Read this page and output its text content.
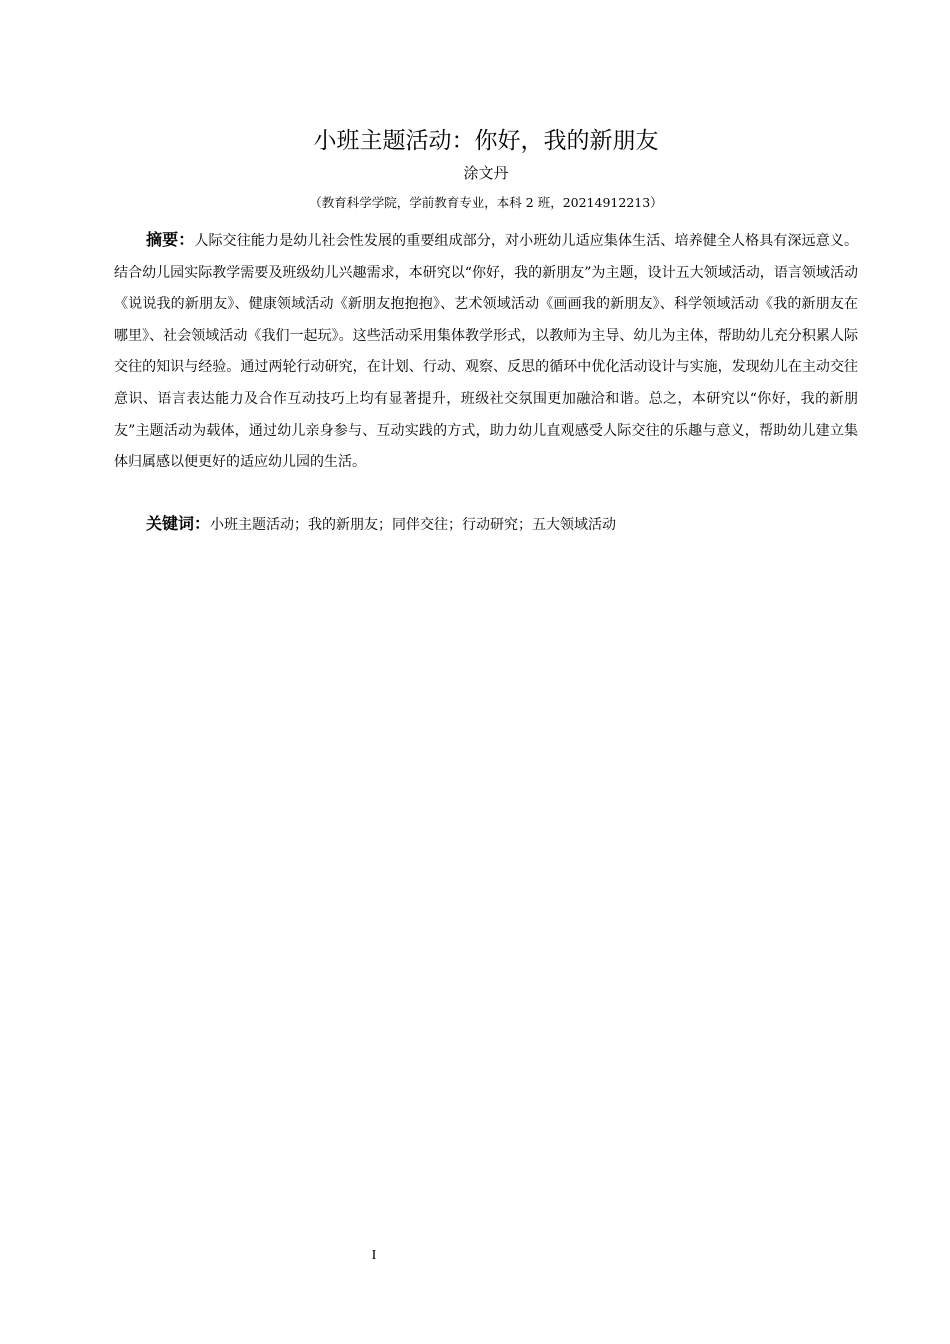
小班主题活动：你好，我的新朋友
涂文丹
（教育科学学院，学前教育专业，本科 2 班，20214912213）

摘要：人际交往能力是幼儿社会性发展的重要组成部分，对小班幼儿适应集体生活、培养健全人格具有深远意义。结合幼儿园实际教学需要及班级幼儿兴趣需求，本研究以“你好，我的新朋友”为主题，设计五大领域活动，语言领域活动《说说我的新朋友》、健康领域活动《新朋友抱抱抱》、艺术领域活动《画画我的新朋友》、科学领域活动《我的新朋友在哪里》、社会领域活动《我们一起玩》。这些活动采用集体教学形式，以教师为主导、幼儿为主体，帮助幼儿充分积累人际交往的知识与经验。通过两轮行动研究，在计划、行动、观察、反思的循环中优化活动设计与实施，发现幼儿在主动交往意识、语言表达能力及合作互动技巧上均有显著提升，班级社交氛围更加融洽和谐。总之，本研究以“你好，我的新朋友”主题活动为载体，通过幼儿亲身参与、互动实践的方式，助力幼儿直观感受人际交往的乐趣与意义，帮助幼儿建立集体归属感以便更好的适应幼儿园的生活。

关键词：小班主题活动；我的新朋友；同伴交往；行动研究；五大领域活动

I
